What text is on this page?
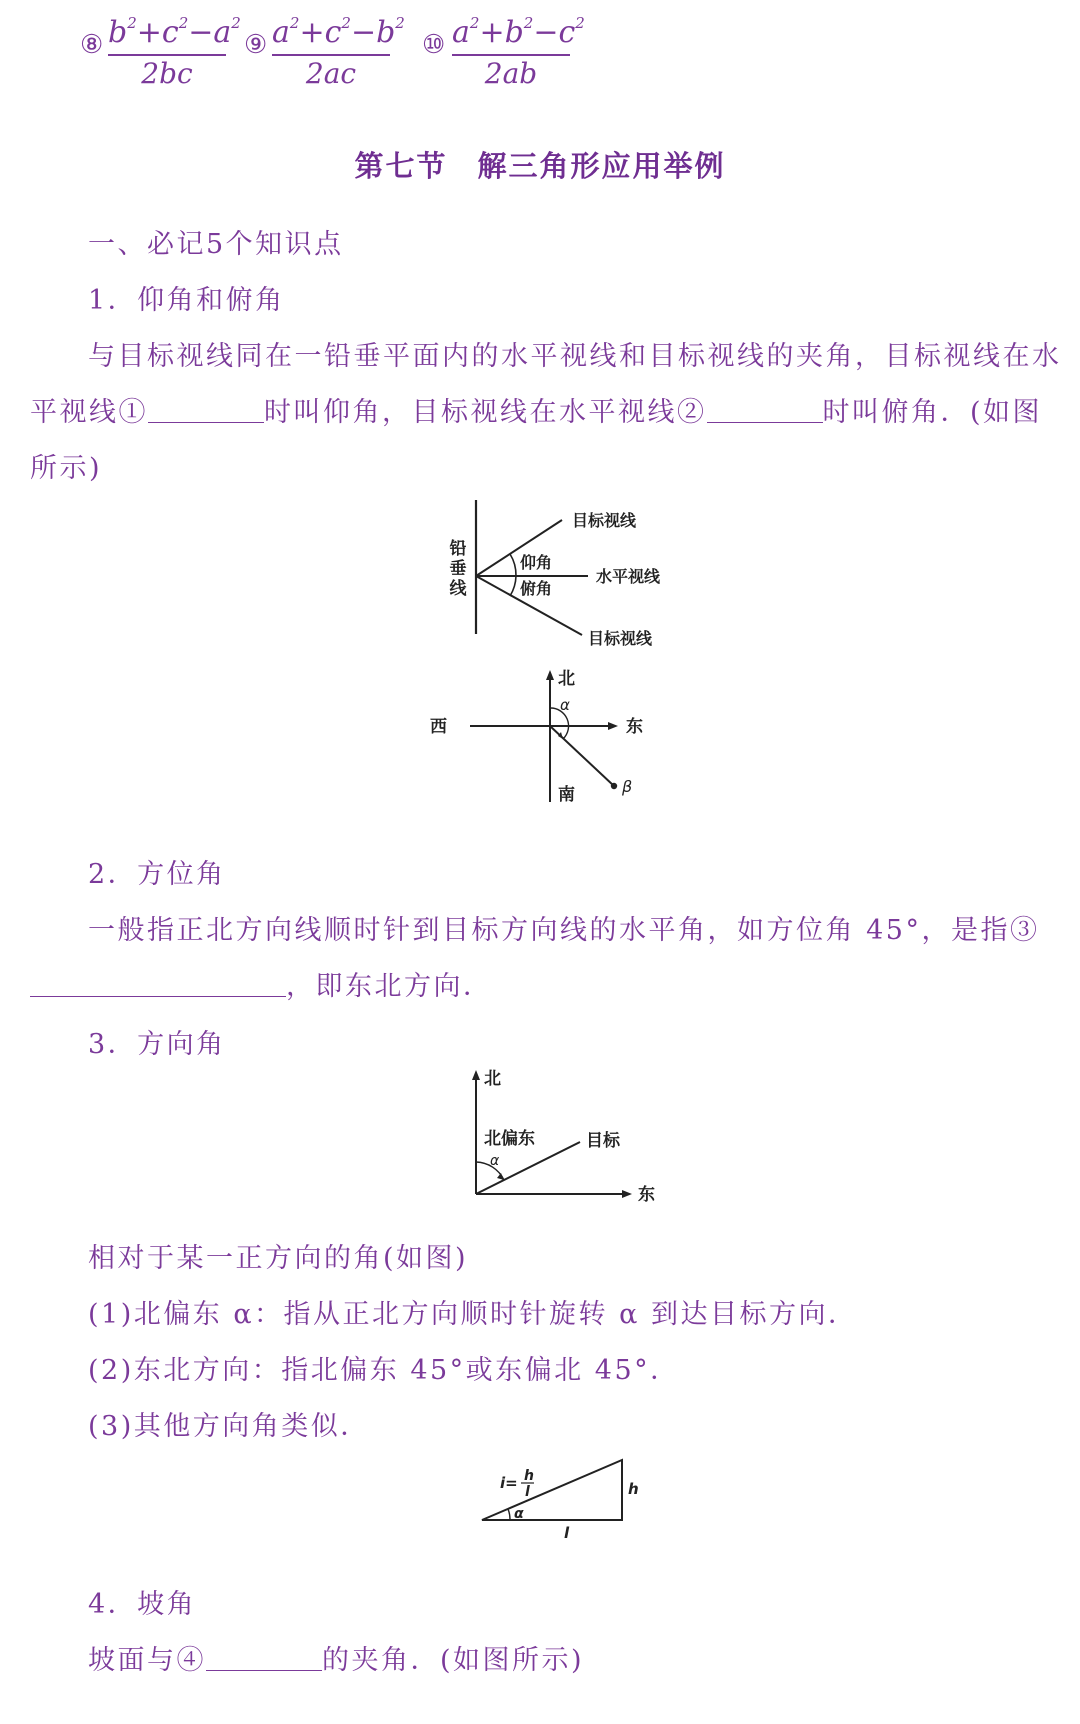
⑧ $b^2+c^2-a^2$
2bc
⑨ $a^2+c^2-b^2$
2ac
⑩ $a^2+b^2-c^2$
2ab
第七节 解三角形应用举例
一、必记5个知识点
1．仰角和俯角
与目标视线同在一铅垂平面内的水平视线和目标视线的夹角，目标视线在水
平视线①	时叫仰角，目标视线在水平视线②	时叫俯角．(如图
所示)
铅
垂
线
目标视线
仰角
水平视线
俯角
目标视线
北
西	东
南
α
β
2．方位角
一般指正北方向线顺时针到目标方向线的水平角，如方位角 45°，是指③
，即东北方向．
3．方向角
北
北偏东	目标
α
东
相对于某一正方向的角(如图)
(1)北偏东 α：指从正北方向顺时针旋转 α 到达目标方向．
(2)东北方向：指北偏东 45°或东偏北 45°．
(3)其他方向角类似．
i= h
l
α
h
l
4．坡角
坡面与④	的夹角．(如图所示)
